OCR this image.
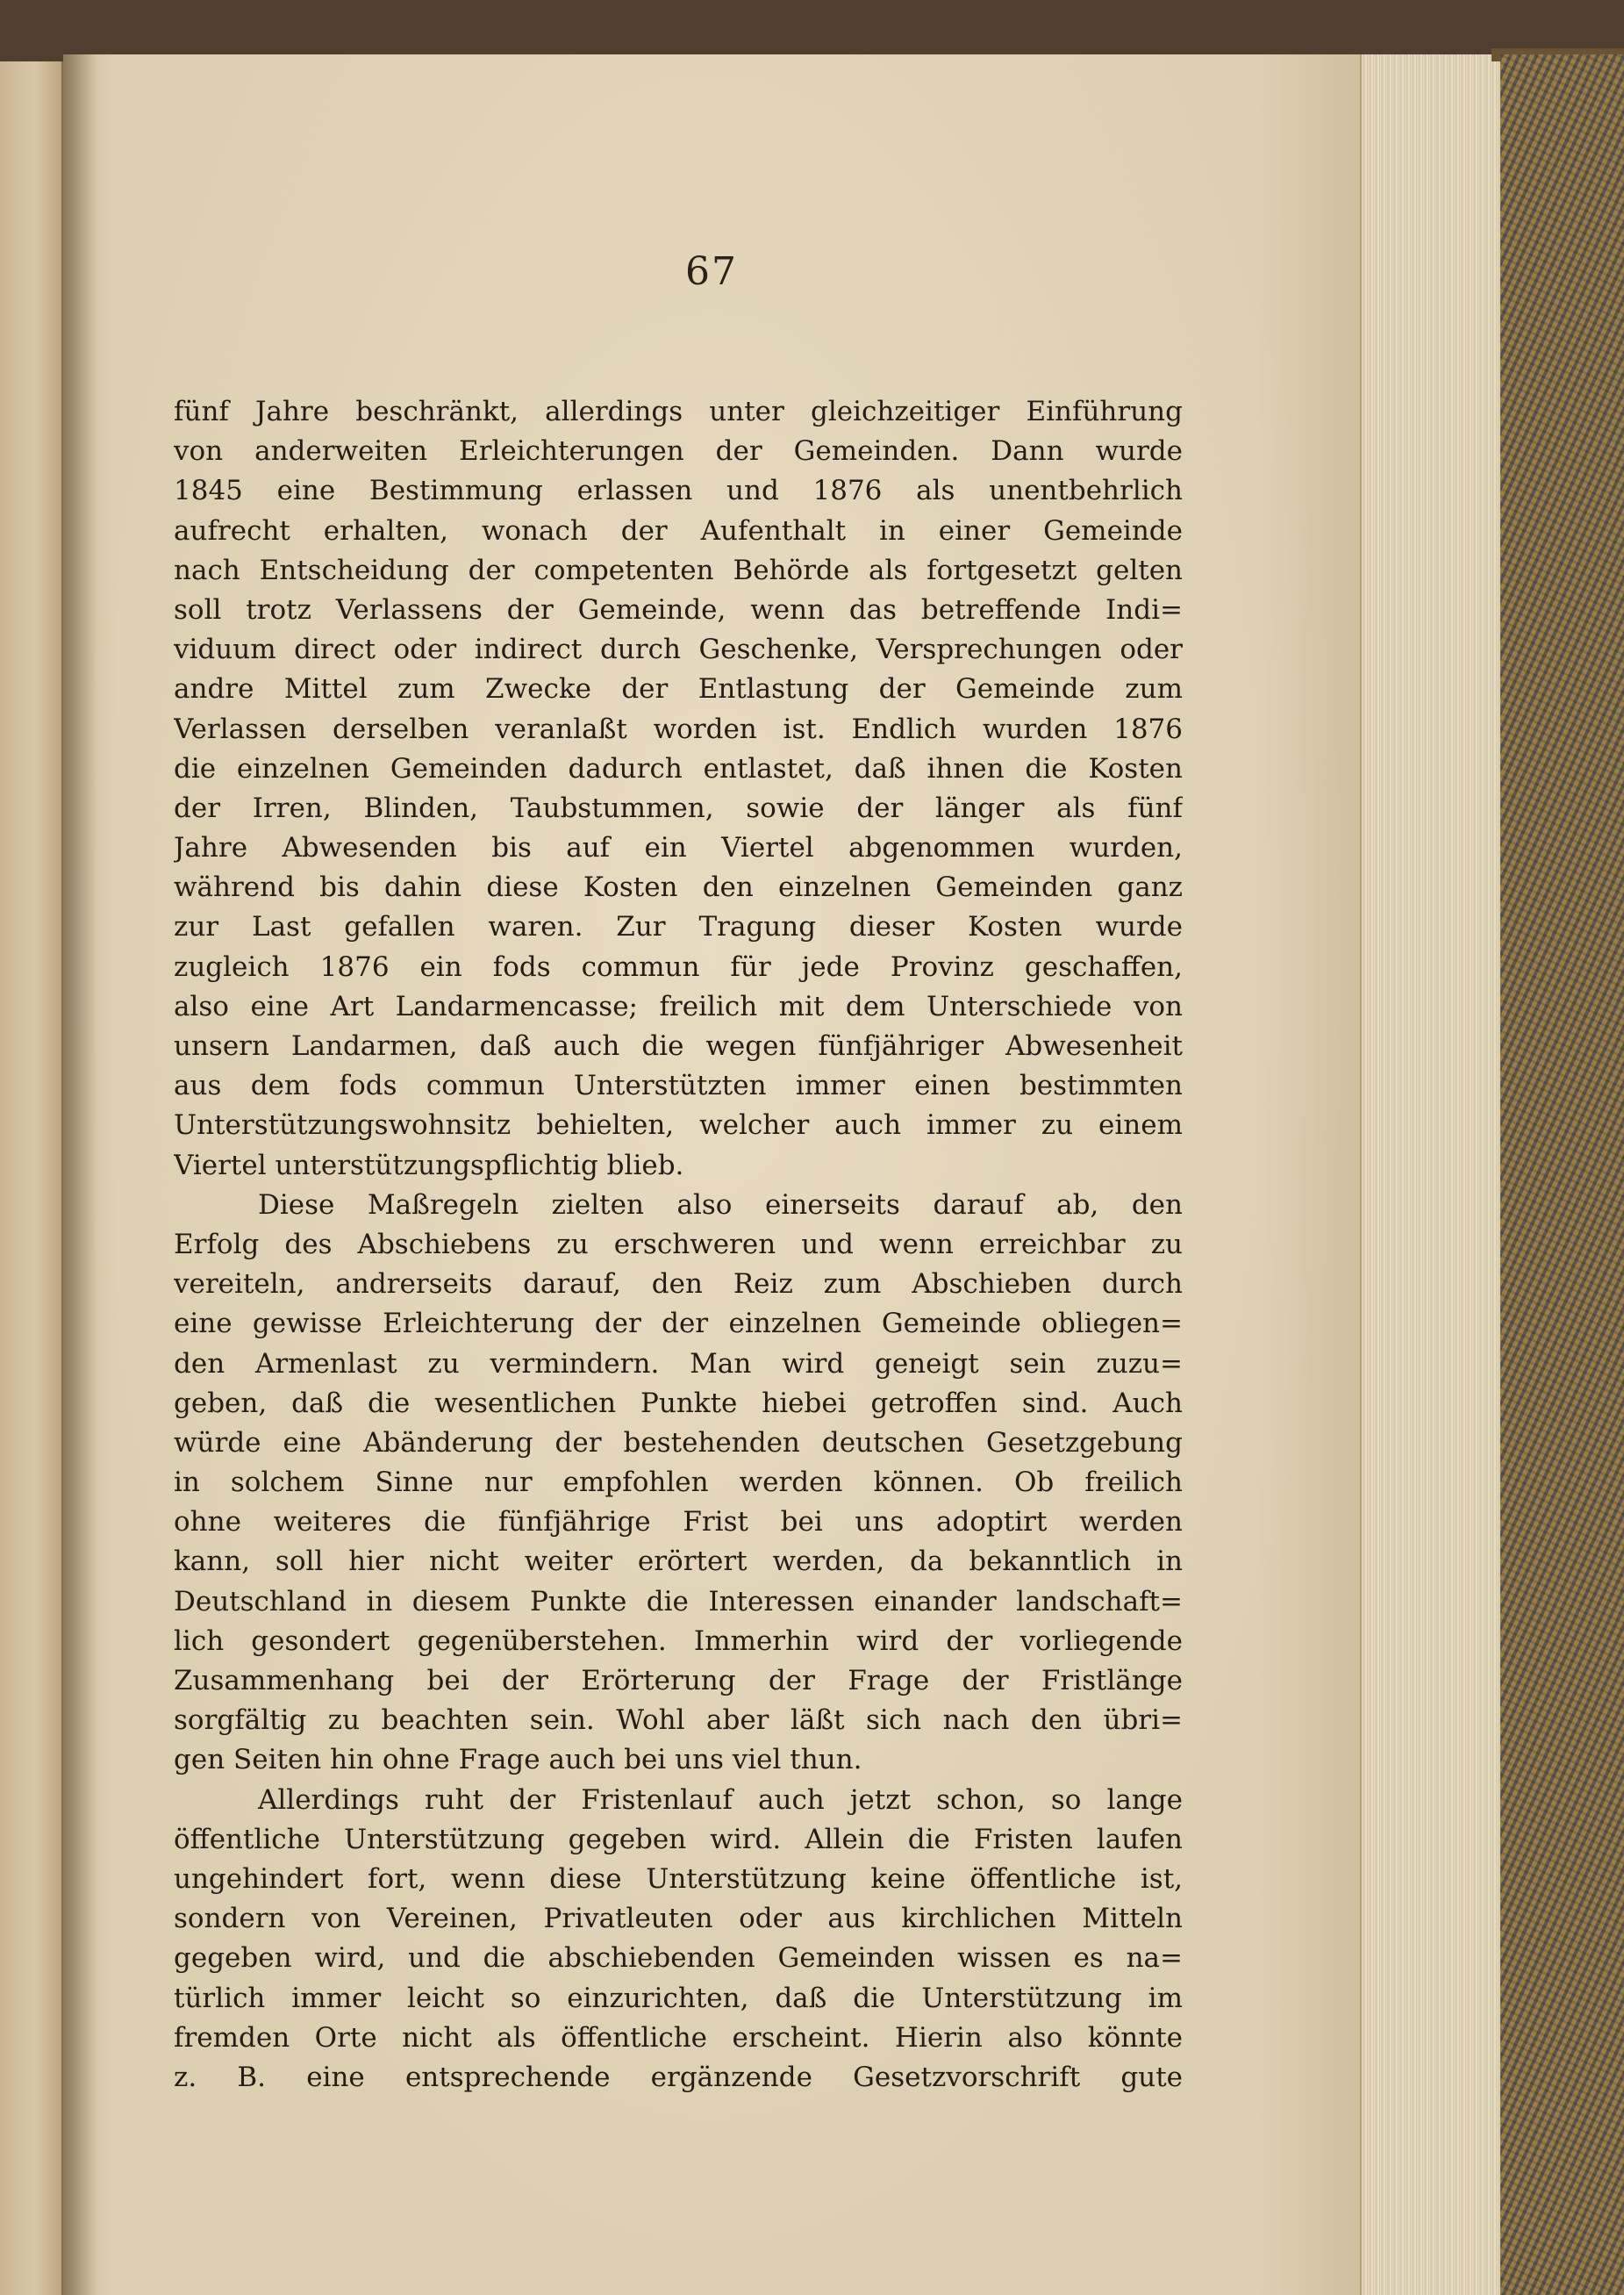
67
fünf Jahre beschränkt, allerdings unter gleichzeitiger Einführung
von anderweiten Erleichterungen der Gemeinden. Dann wurde
1845 eine Bestimmung erlassen und 1876 als unentbehrlich
aufrecht erhalten, wonach der Aufenthalt in einer Gemeinde
nach Entscheidung der competenten Behörde als fortgesetzt gelten
soll trotz Verlassens der Gemeinde, wenn das betreffende Indi=
viduum direct oder indirect durch Geschenke, Versprechungen oder
andre Mittel zum Zwecke der Entlastung der Gemeinde zum
Verlassen derselben veranlaßt worden ist. Endlich wurden 1876
die einzelnen Gemeinden dadurch entlastet, daß ihnen die Kosten
der Irren, Blinden, Taubstummen, sowie der länger als fünf
Jahre Abwesenden bis auf ein Viertel abgenommen wurden,
während bis dahin diese Kosten den einzelnen Gemeinden ganz
zur Last gefallen waren. Zur Tragung dieser Kosten wurde
zugleich 1876 ein fods commun für jede Provinz geschaffen,
also eine Art Landarmencasse; freilich mit dem Unterschiede von
unsern Landarmen, daß auch die wegen fünfjähriger Abwesenheit
aus dem fods commun Unterstützten immer einen bestimmten
Unterstützungswohnsitz behielten, welcher auch immer zu einem
Viertel unterstützungspflichtig blieb.
Diese Maßregeln zielten also einerseits darauf ab, den
Erfolg des Abschiebens zu erschweren und wenn erreichbar zu
vereiteln, andrerseits darauf, den Reiz zum Abschieben durch
eine gewisse Erleichterung der der einzelnen Gemeinde obliegen=
den Armenlast zu vermindern. Man wird geneigt sein zuzu=
geben, daß die wesentlichen Punkte hiebei getroffen sind. Auch
würde eine Abänderung der bestehenden deutschen Gesetzgebung
in solchem Sinne nur empfohlen werden können. Ob freilich
ohne weiteres die fünfjährige Frist bei uns adoptirt werden
kann, soll hier nicht weiter erörtert werden, da bekanntlich in
Deutschland in diesem Punkte die Interessen einander landschaft=
lich gesondert gegenüberstehen. Immerhin wird der vorliegende
Zusammenhang bei der Erörterung der Frage der Fristlänge
sorgfältig zu beachten sein. Wohl aber läßt sich nach den übri=
gen Seiten hin ohne Frage auch bei uns viel thun.
Allerdings ruht der Fristenlauf auch jetzt schon, so lange
öffentliche Unterstützung gegeben wird. Allein die Fristen laufen
ungehindert fort, wenn diese Unterstützung keine öffentliche ist,
sondern von Vereinen, Privatleuten oder aus kirchlichen Mitteln
gegeben wird, und die abschiebenden Gemeinden wissen es na=
türlich immer leicht so einzurichten, daß die Unterstützung im
fremden Orte nicht als öffentliche erscheint. Hierin also könnte
z. B. eine entsprechende ergänzende Gesetzvorschrift gute
